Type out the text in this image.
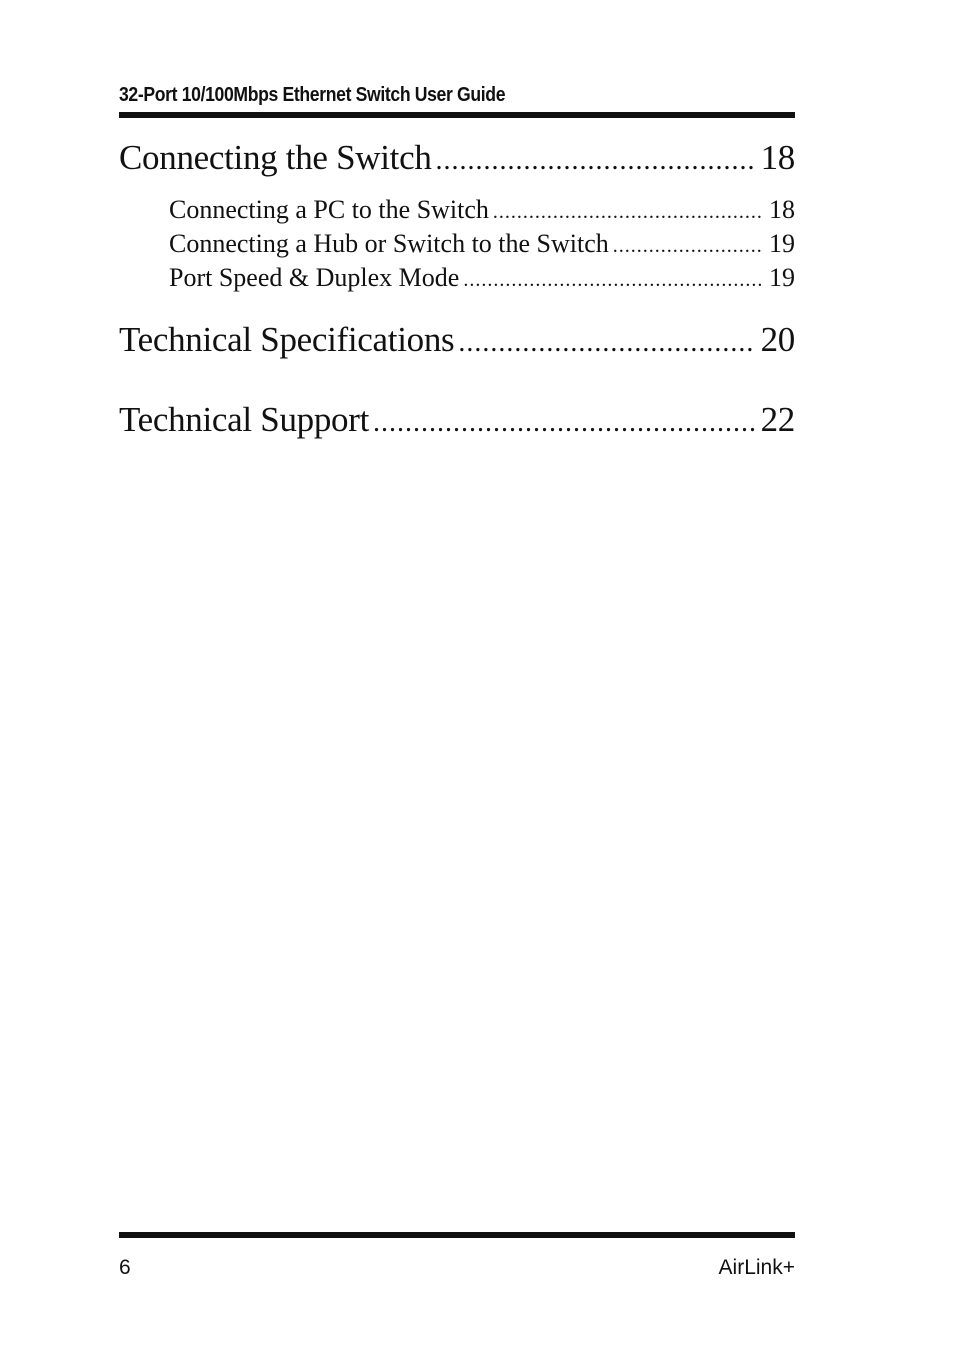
32-Port 10/100Mbps Ethernet Switch User Guide
Connecting the Switch .....	18
Connecting a PC to the Switch .....	18
Connecting a Hub or Switch to the Switch .....	19
Port Speed & Duplex Mode .....	19
Technical Specifications .....	20
Technical Support .....	22
6	AirLink+
